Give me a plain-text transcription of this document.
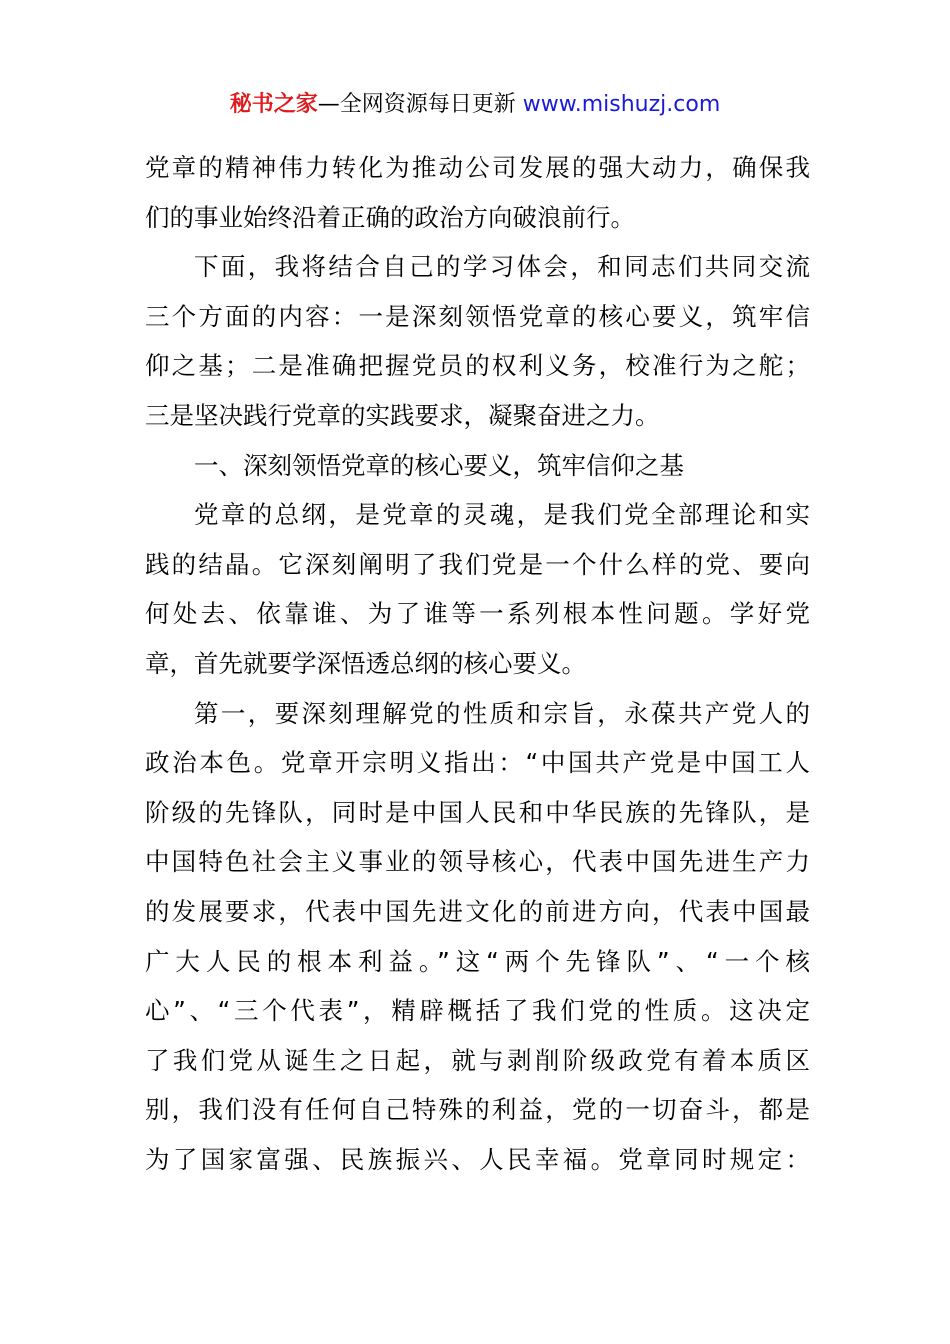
秘书之家—全网资源每日更新 www.mishuzj.com
党章的精神伟力转化为推动公司发展的强大动力，确保我
们的事业始终沿着正确的政治方向破浪前行。
下面，我将结合自己的学习体会，和同志们共同交流
三个方面的内容：一是深刻领悟党章的核心要义，筑牢信
仰之基；二是准确把握党员的权利义务，校准行为之舵；
三是坚决践行党章的实践要求，凝聚奋进之力。
一、深刻领悟党章的核心要义，筑牢信仰之基
党章的总纲，是党章的灵魂，是我们党全部理论和实
践的结晶。它深刻阐明了我们党是一个什么样的党、要向
何处去、依靠谁、为了谁等一系列根本性问题。学好党
章，首先就要学深悟透总纲的核心要义。
第一，要深刻理解党的性质和宗旨，永葆共产党人的
政治本色。党章开宗明义指出：“中国共产党是中国工人
阶级的先锋队，同时是中国人民和中华民族的先锋队，是
中国特色社会主义事业的领导核心，代表中国先进生产力
的发展要求，代表中国先进文化的前进方向，代表中国最
广大人民的根本利益。”这“两个先锋队”、“一个核
心”、“三个代表”，精辟概括了我们党的性质。这决定
了我们党从诞生之日起，就与剥削阶级政党有着本质区
别，我们没有任何自己特殊的利益，党的一切奋斗，都是
为了国家富强、民族振兴、人民幸福。党章同时规定：
